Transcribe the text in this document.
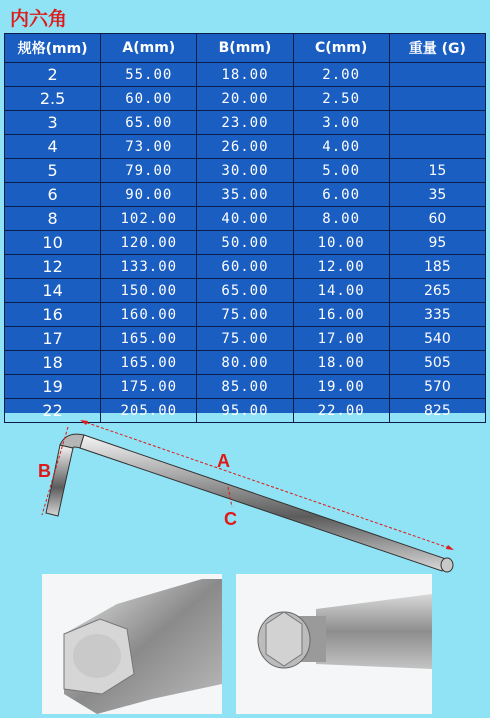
内六角
规格(mm)	A(mm)	B(mm)	C(mm)	重量 (G)
2	55.00	18.00	2.00	
2.5	60.00	20.00	2.50	
3	65.00	23.00	3.00	
4	73.00	26.00	4.00	
5	79.00	30.00	5.00	15
6	90.00	35.00	6.00	35
8	102.00	40.00	8.00	60
10	120.00	50.00	10.00	95
12	133.00	60.00	12.00	185
14	150.00	65.00	14.00	265
16	160.00	75.00	16.00	335
17	165.00	75.00	17.00	540
18	165.00	80.00	18.00	505
19	175.00	85.00	19.00	570
22	205.00	95.00	22.00	825
A
B
C
